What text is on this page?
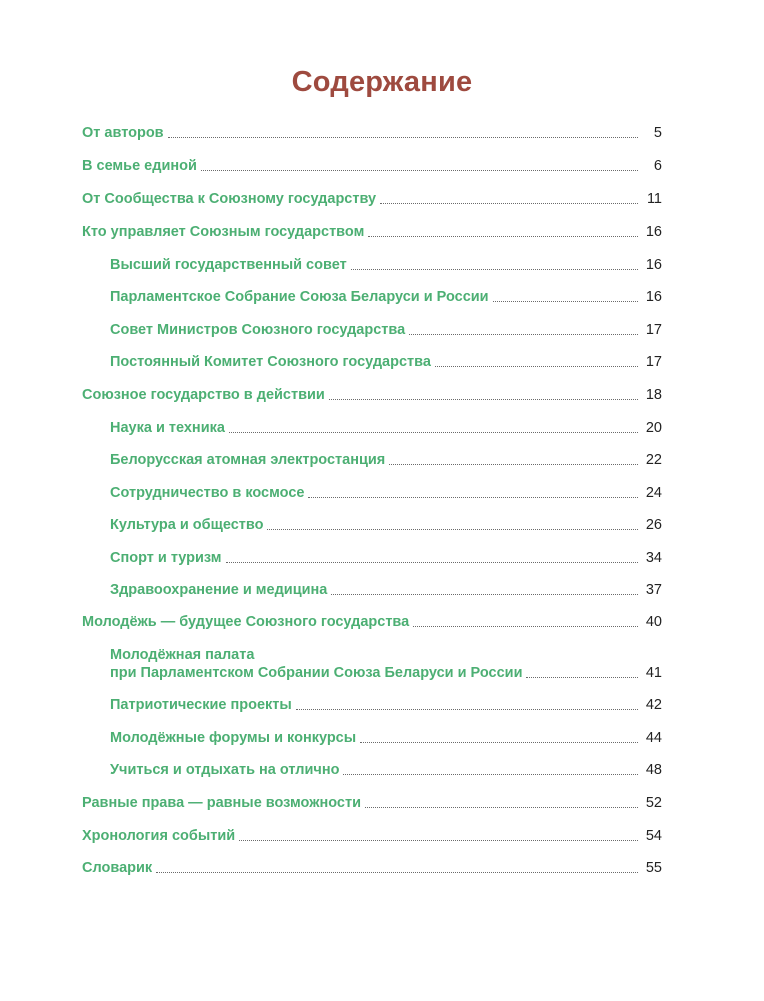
Содержание
От авторов	5
В семье единой	6
От Сообщества к Союзному государству	11
Кто управляет Союзным государством	16
Высший государственный совет	16
Парламентское Собрание Союза Беларуси и России	16
Совет Министров Союзного государства	17
Постоянный Комитет Союзного государства	17
Союзное государство в действии	18
Наука и техника	20
Белорусская атомная электростанция	22
Сотрудничество в космосе	24
Культура и общество	26
Спорт и туризм	34
Здравоохранение и медицина	37
Молодёжь — будущее Союзного государства	40
Молодёжная палата
при Парламентском Собрании Союза Беларуси и России	41
Патриотические проекты	42
Молодёжные форумы и конкурсы	44
Учиться и отдыхать на отлично	48
Равные права — равные возможности	52
Хронология событий	54
Словарик	55
